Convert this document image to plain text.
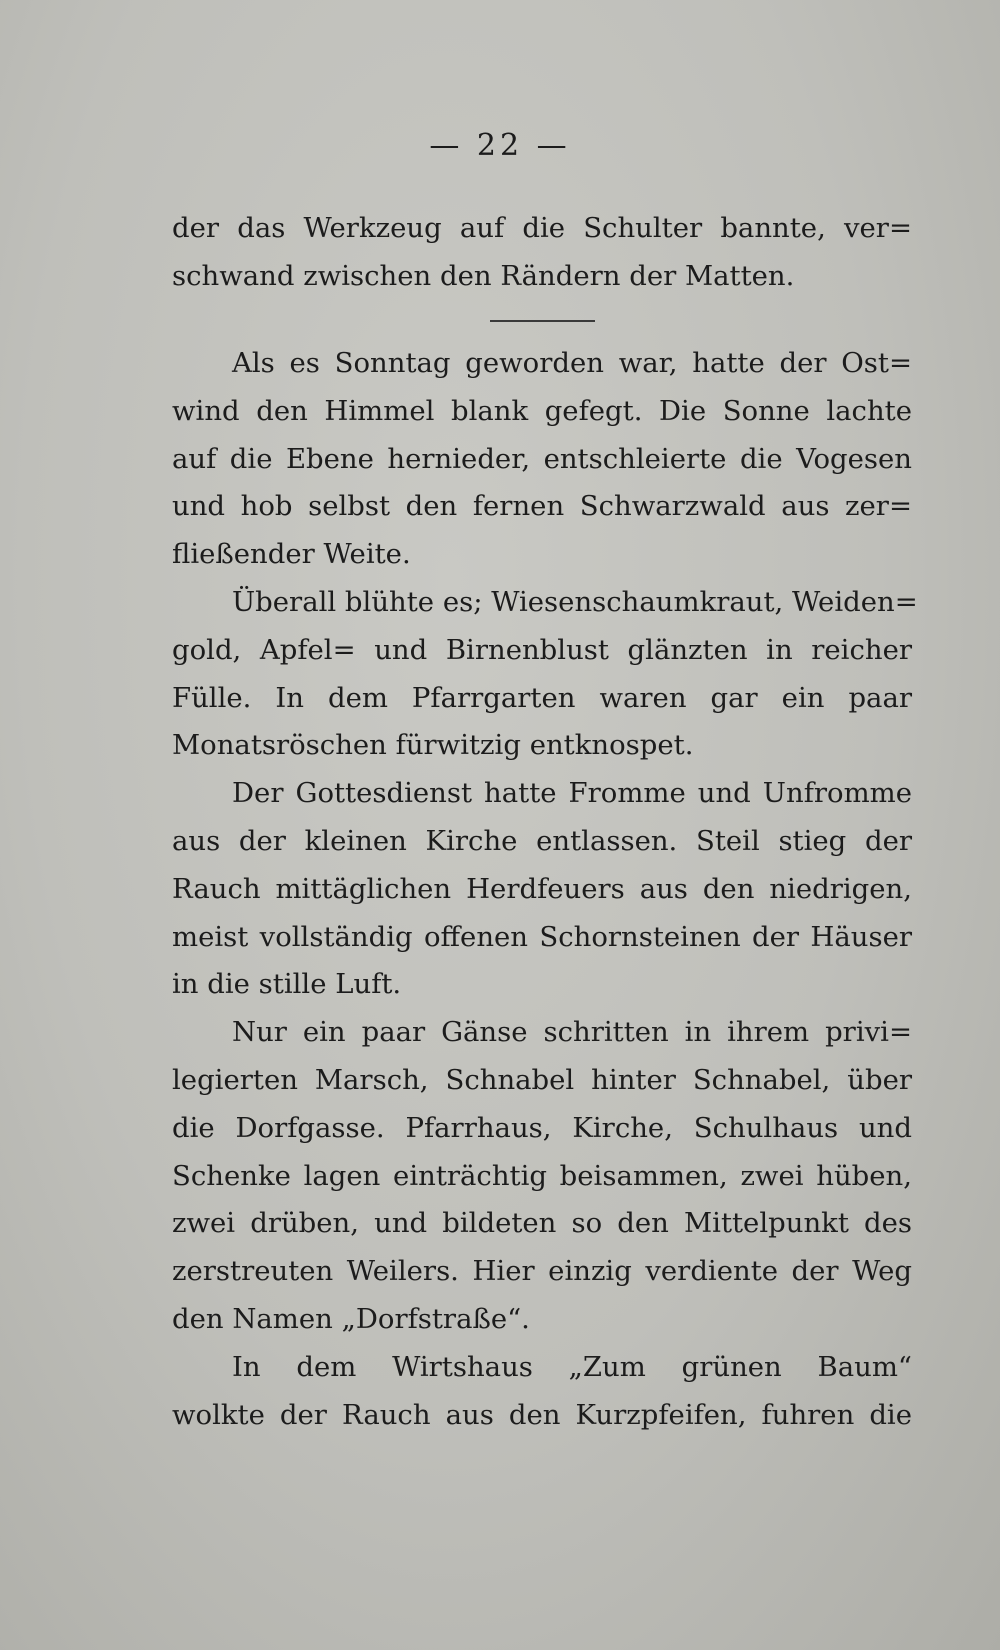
— 22 —
der das Werkzeug auf die Schulter bannte, ver=
schwand zwischen den Rändern der Matten.
Als es Sonntag geworden war, hatte der Ost=
wind den Himmel blank gefegt. Die Sonne lachte
auf die Ebene hernieder, entschleierte die Vogesen
und hob selbst den fernen Schwarzwald aus zer=
fließender Weite.
Überall blühte es; Wiesenschaumkraut, Weiden=
gold, Apfel= und Birnenblust glänzten in reicher
Fülle. In dem Pfarrgarten waren gar ein paar
Monatsröschen fürwitzig entknospet.
Der Gottesdienst hatte Fromme und Unfromme
aus der kleinen Kirche entlassen. Steil stieg der
Rauch mittäglichen Herdfeuers aus den niedrigen,
meist vollständig offenen Schornsteinen der Häuser
in die stille Luft.
Nur ein paar Gänse schritten in ihrem privi=
legierten Marsch, Schnabel hinter Schnabel, über
die Dorfgasse. Pfarrhaus, Kirche, Schulhaus und
Schenke lagen einträchtig beisammen, zwei hüben,
zwei drüben, und bildeten so den Mittelpunkt des
zerstreuten Weilers. Hier einzig verdiente der Weg
den Namen „Dorfstraße“.
In dem Wirtshaus „Zum grünen Baum“
wolkte der Rauch aus den Kurzpfeifen, fuhren die
